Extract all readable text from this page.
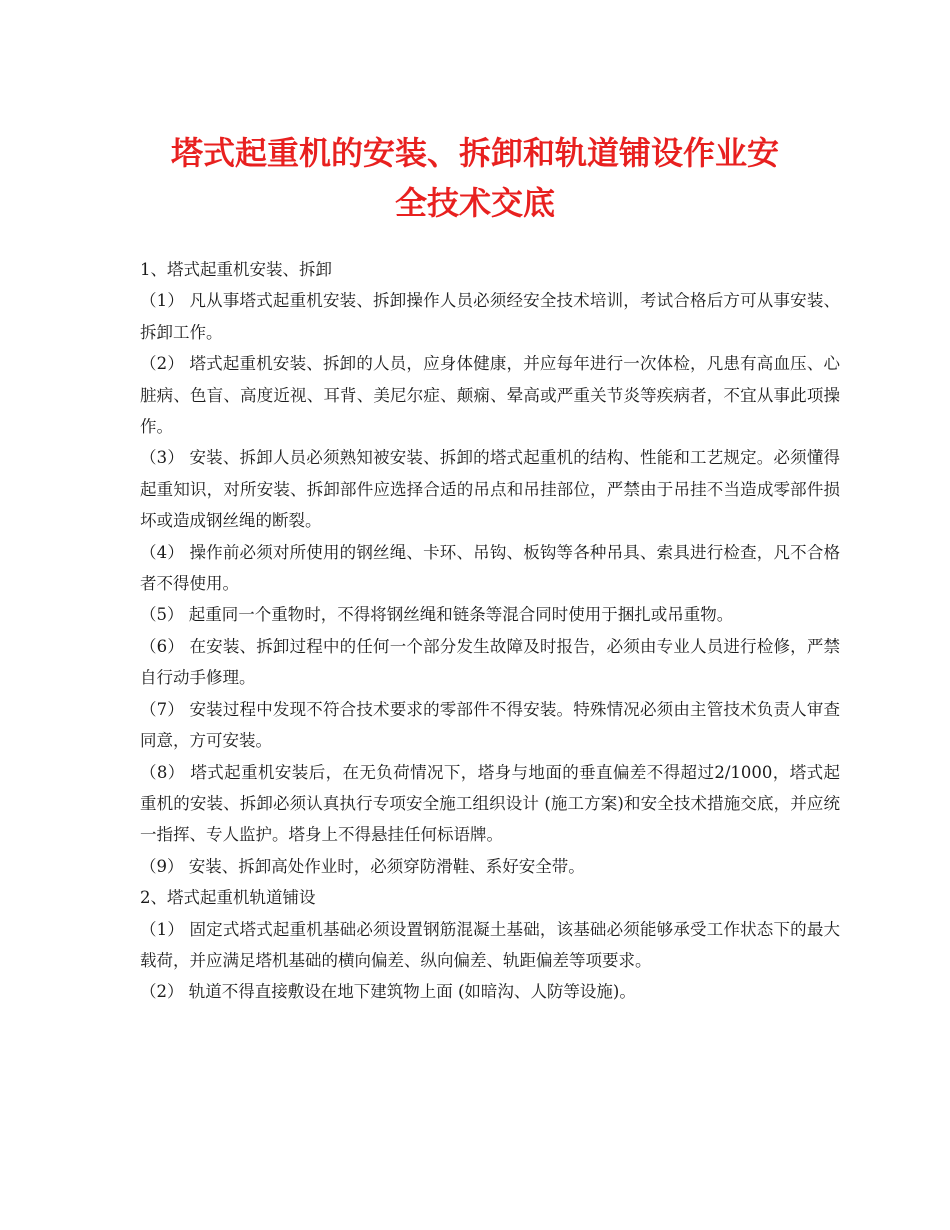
塔式起重机的安装、拆卸和轨道铺设作业安
全技术交底

1、塔式起重机安装、拆卸

（1） 凡从事塔式起重机安装、拆卸操作人员必须经安全技术培训，考试合格后方可从事安装、拆卸工作。

（2） 塔式起重机安装、拆卸的人员，应身体健康，并应每年进行一次体检，凡患有高血压、心脏病、色盲、高度近视、耳背、美尼尔症、颠痫、晕高或严重关节炎等疾病者，不宜从事此项操作。

（3） 安装、拆卸人员必须熟知被安装、拆卸的塔式起重机的结构、性能和工艺规定。必须懂得起重知识，对所安装、拆卸部件应选择合适的吊点和吊挂部位，严禁由于吊挂不当造成零部件损坏或造成钢丝绳的断裂。

（4） 操作前必须对所使用的钢丝绳、卡环、吊钩、板钩等各种吊具、索具进行检查，凡不合格者不得使用。

（5） 起重同一个重物时，不得将钢丝绳和链条等混合同时使用于捆扎或吊重物。

（6） 在安装、拆卸过程中的任何一个部分发生故障及时报告，必须由专业人员进行检修，严禁自行动手修理。

（7） 安装过程中发现不符合技术要求的零部件不得安装。特殊情况必须由主管技术负责人审查同意，方可安装。

（8） 塔式起重机安装后，在无负荷情况下，塔身与地面的垂直偏差不得超过2/1000，塔式起重机的安装、拆卸必须认真执行专项安全施工组织设计 (施工方案)和安全技术措施交底，并应统一指挥、专人监护。塔身上不得悬挂任何标语牌。

（9） 安装、拆卸高处作业时，必须穿防滑鞋、系好安全带。

2、塔式起重机轨道铺设

（1） 固定式塔式起重机基础必须设置钢筋混凝土基础，该基础必须能够承受工作状态下的最大载荷，并应满足塔机基础的横向偏差、纵向偏差、轨距偏差等项要求。

（2） 轨道不得直接敷设在地下建筑物上面 (如暗沟、人防等设施)。
